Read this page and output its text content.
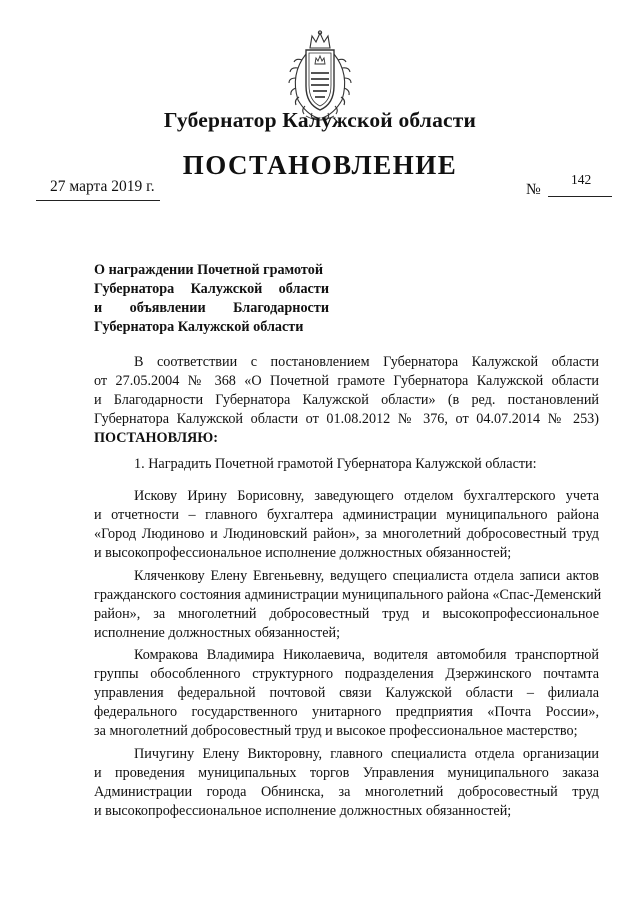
Губернатор Калужской области
ПОСТАНОВЛЕНИЕ
27 марта 2019 г.	№
142
О награждении Почетной грамотой
Губернатора Калужской области
и объявлении Благодарности
Губернатора Калужской области
В соответствии с постановлением Губернатора Калужской области
от 27.05.2004 № 368 «О Почетной грамоте Губернатора Калужской области
и Благодарности Губернатора Калужской области» (в ред. постановлений
Губернатора Калужской области от 01.08.2012 № 376, от 04.07.2014 № 253)
ПОСТАНОВЛЯЮ:
1. Наградить Почетной грамотой Губернатора Калужской области:
Искову Ирину Борисовну, заведующего отделом бухгалтерского учета
и отчетности – главного бухгалтера администрации муниципального района
«Город Людиново и Людиновский район», за многолетний добросовестный труд
и высокопрофессиональное исполнение должностных обязанностей;
Кляченкову Елену Евгеньевну, ведущего специалиста отдела записи актов
гражданского состояния администрации муниципального района «Спас-Деменский
район», за многолетний добросовестный труд и высокопрофессиональное
исполнение должностных обязанностей;
Комракова Владимира Николаевича, водителя автомобиля транспортной
группы обособленного структурного подразделения Дзержинского почтамта
управления федеральной почтовой связи Калужской области – филиала
федерального государственного унитарного предприятия «Почта России»,
за многолетний добросовестный труд и высокое профессиональное мастерство;
Пичугину Елену Викторовну, главного специалиста отдела организации
и проведения муниципальных торгов Управления муниципального заказа
Администрации города Обнинска, за многолетний добросовестный труд
и высокопрофессиональное исполнение должностных обязанностей;
